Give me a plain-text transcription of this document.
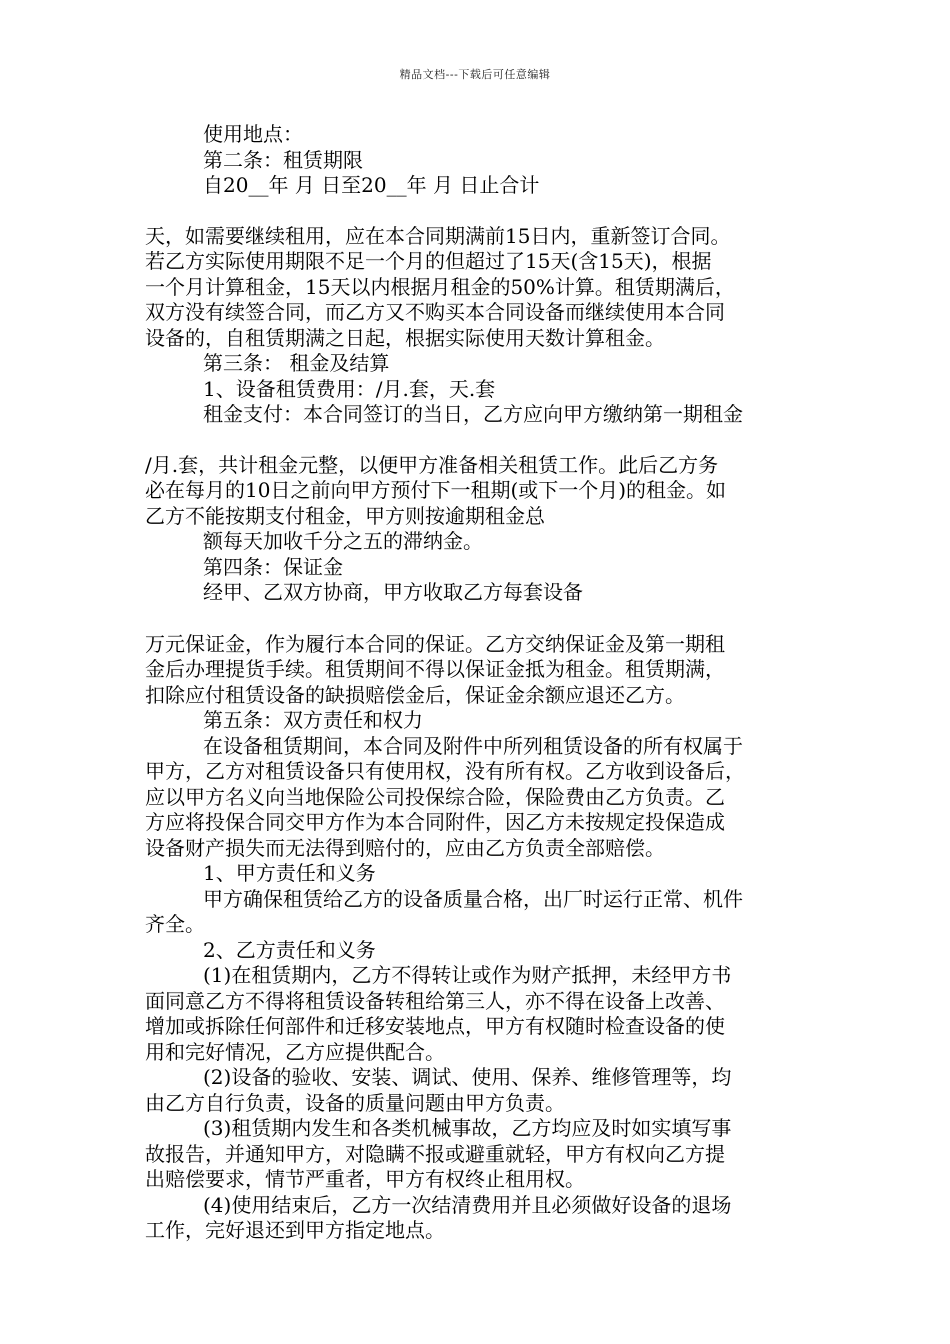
精品文档---下载后可任意编辑
使用地点：
第二条：租赁期限
自20__年 月 日至20__年 月 日止合计
天，如需要继续租用，应在本合同期满前15日内，重新签订合同。
若乙方实际使用期限不足一个月的但超过了15天(含15天)，根据
一个月计算租金，15天以内根据月租金的50%计算。租赁期满后，
双方没有续签合同，而乙方又不购买本合同设备而继续使用本合同
设备的，自租赁期满之日起，根据实际使用天数计算租金。
第三条： 租金及结算
1、设备租赁费用：/月.套，天.套
租金支付：本合同签订的当日，乙方应向甲方缴纳第一期租金
/月.套，共计租金元整，以便甲方准备相关租赁工作。此后乙方务
必在每月的10日之前向甲方预付下一租期(或下一个月)的租金。如
乙方不能按期支付租金，甲方则按逾期租金总
额每天加收千分之五的滞纳金。
第四条：保证金
经甲、乙双方协商，甲方收取乙方每套设备
万元保证金，作为履行本合同的保证。乙方交纳保证金及第一期租
金后办理提货手续。租赁期间不得以保证金抵为租金。租赁期满，
扣除应付租赁设备的缺损赔偿金后，保证金余额应退还乙方。
第五条：双方责任和权力
在设备租赁期间，本合同及附件中所列租赁设备的所有权属于
甲方，乙方对租赁设备只有使用权，没有所有权。乙方收到设备后，
应以甲方名义向当地保险公司投保综合险，保险费由乙方负责。乙
方应将投保合同交甲方作为本合同附件，因乙方未按规定投保造成
设备财产损失而无法得到赔付的，应由乙方负责全部赔偿。
1、甲方责任和义务
甲方确保租赁给乙方的设备质量合格，出厂时运行正常、机件
齐全。
2、乙方责任和义务
(1)在租赁期内，乙方不得转让或作为财产抵押，未经甲方书
面同意乙方不得将租赁设备转租给第三人，亦不得在设备上改善、
增加或拆除任何部件和迁移安装地点，甲方有权随时检查设备的使
用和完好情况，乙方应提供配合。
(2)设备的验收、安装、调试、使用、保养、维修管理等，均
由乙方自行负责，设备的质量问题由甲方负责。
(3)租赁期内发生和各类机械事故，乙方均应及时如实填写事
故报告，并通知甲方，对隐瞒不报或避重就轻，甲方有权向乙方提
出赔偿要求，情节严重者，甲方有权终止租用权。
(4)使用结束后，乙方一次结清费用并且必须做好设备的退场
工作，完好退还到甲方指定地点。
